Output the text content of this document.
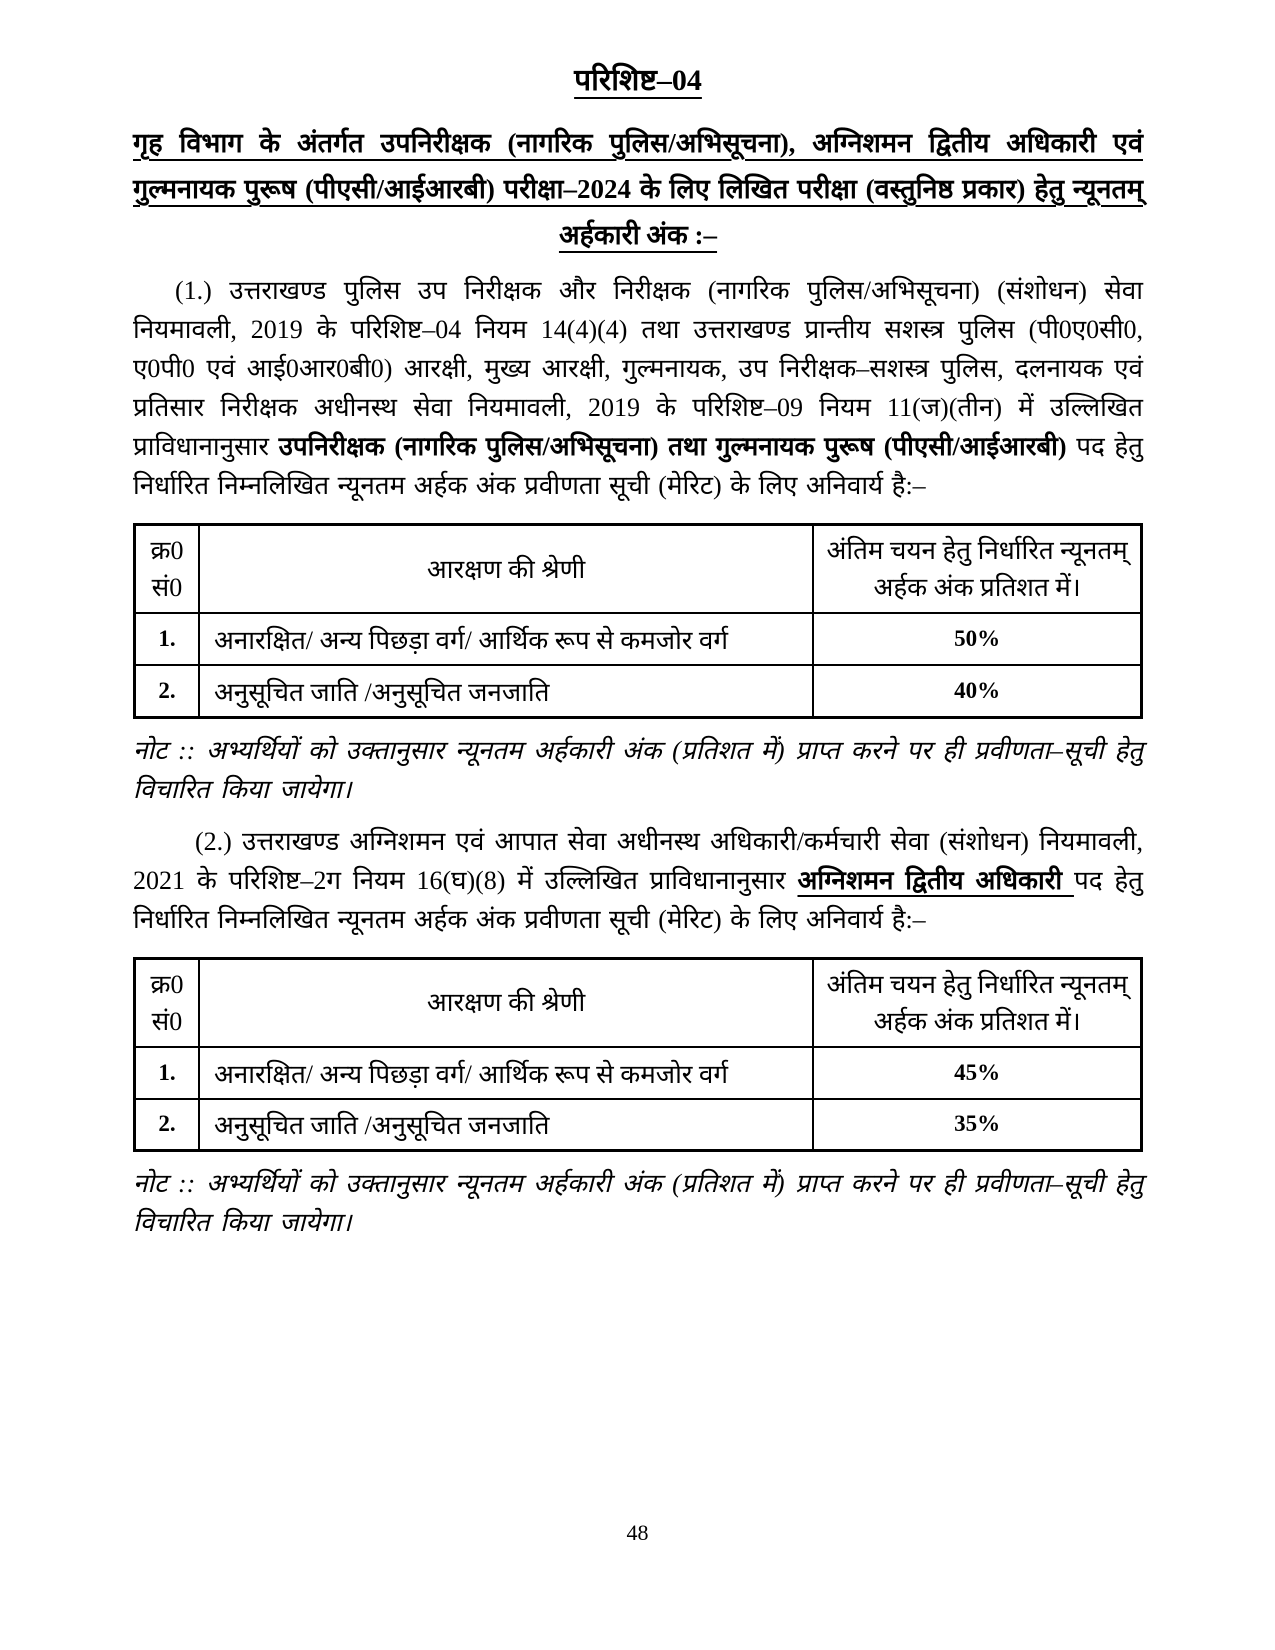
परिशिष्ट–04
गृह विभाग के अंतर्गत उपनिरीक्षक (नागरिक पुलिस/अभिसूचना), अग्निशमन द्वितीय अधिकारी एवं गुल्मनायक पुरूष (पीएसी/आईआरबी) परीक्षा–2024 के लिए लिखित परीक्षा (वस्तुनिष्ठ प्रकार) हेतु न्यूनतम् अर्हकारी अंक :–
(1.) उत्तराखण्ड पुलिस उप निरीक्षक और निरीक्षक (नागरिक पुलिस/अभिसूचना) (संशोधन) सेवा नियमावली, 2019 के परिशिष्ट–04 नियम 14(4)(4) तथा उत्तराखण्ड प्रान्तीय सशस्त्र पुलिस (पी0ए0सी0, ए0पी0 एवं आई0आर0बी0) आरक्षी, मुख्य आरक्षी, गुल्मनायक, उप निरीक्षक–सशस्त्र पुलिस, दलनायक एवं प्रतिसार निरीक्षक अधीनस्थ सेवा नियमावली, 2019 के परिशिष्ट–09 नियम 11(ज)(तीन) में उल्लिखित प्राविधानानुसार उपनिरीक्षक (नागरिक पुलिस/अभिसूचना) तथा गुल्मनायक पुरूष (पीएसी/आईआरबी) पद हेतु निर्धारित निम्नलिखित न्यूनतम अर्हक अंक प्रवीणता सूची (मेरिट) के लिए अनिवार्य है:–
क्र0 सं0	आरक्षण की श्रेणी	अंतिम चयन हेतु निर्धारित न्यूनतम् अर्हक अंक प्रतिशत में।
1.	अनारक्षित/ अन्य पिछड़ा वर्ग/ आर्थिक रूप से कमजोर वर्ग	50%
2.	अनुसूचित जाति /अनुसूचित जनजाति	40%
नोट :: अभ्यर्थियों को उक्तानुसार न्यूनतम अर्हकारी अंक (प्रतिशत में) प्राप्त करने पर ही प्रवीणता–सूची हेतु विचारित किया जायेगा।
(2.) उत्तराखण्ड अग्निशमन एवं आपात सेवा अधीनस्थ अधिकारी/कर्मचारी सेवा (संशोधन) नियमावली, 2021 के परिशिष्ट–2ग नियम 16(घ)(8) में उल्लिखित प्राविधानानुसार अग्निशमन द्वितीय अधिकारी पद हेतु निर्धारित निम्नलिखित न्यूनतम अर्हक अंक प्रवीणता सूची (मेरिट) के लिए अनिवार्य है:–
क्र0 सं0	आरक्षण की श्रेणी	अंतिम चयन हेतु निर्धारित न्यूनतम् अर्हक अंक प्रतिशत में।
1.	अनारक्षित/ अन्य पिछड़ा वर्ग/ आर्थिक रूप से कमजोर वर्ग	45%
2.	अनुसूचित जाति /अनुसूचित जनजाति	35%
नोट :: अभ्यर्थियों को उक्तानुसार न्यूनतम अर्हकारी अंक (प्रतिशत में) प्राप्त करने पर ही प्रवीणता–सूची हेतु विचारित किया जायेगा।
48
